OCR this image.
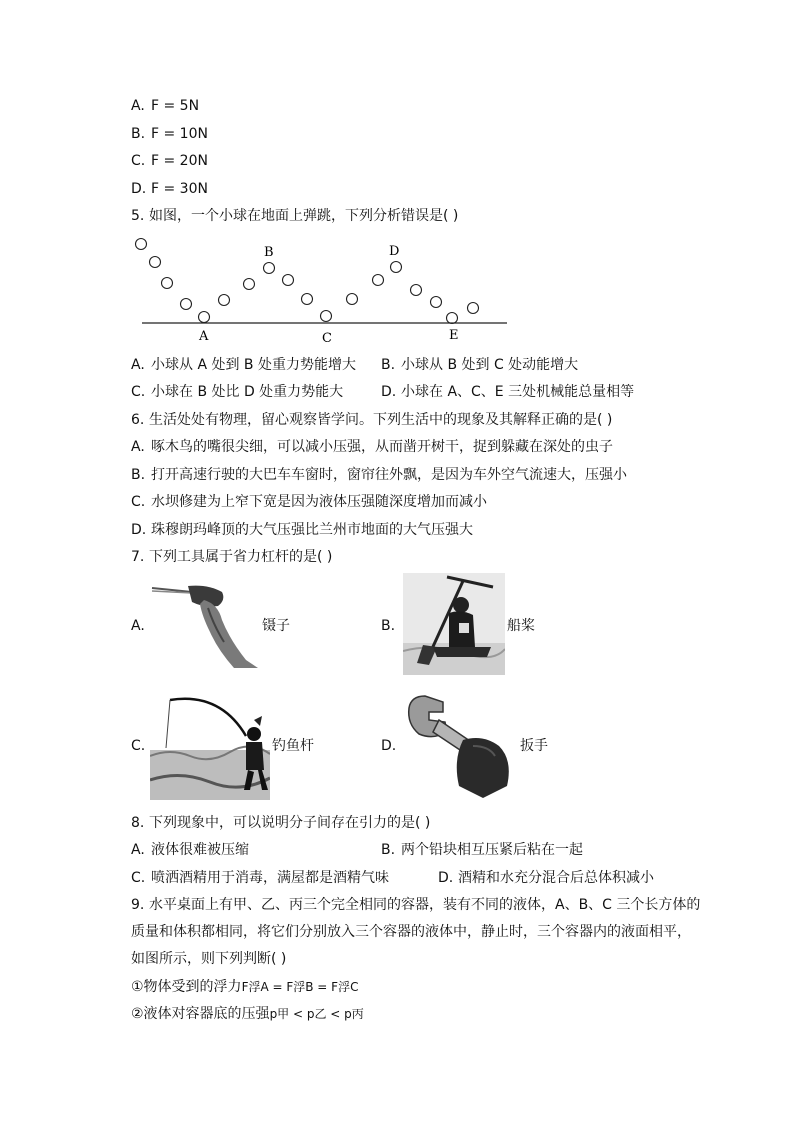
A. F = 5N
B. F = 10N
C. F = 20N
D. F = 30N
5. 如图，一个小球在地面上弹跳，下列分析错误是( )
A
B
C
D
E
A. 小球从 A 处到 B 处重力势能增大 B. 小球从 B 处到 C 处动能增大
C. 小球在 B 处比 D 处重力势能大	D. 小球在 A、C、E 三处机械能总量相等
6. 生活处处有物理，留心观察皆学问。下列生活中的现象及其解释正确的是( )
A. 啄木鸟的嘴很尖细，可以减小压强，从而凿开树干，捉到躲藏在深处的虫子
B. 打开高速行驶的大巴车车窗时，窗帘往外飘，是因为车外空气流速大，压强小
C. 水坝修建为上窄下宽是因为液体压强随深度增加而减小
D. 珠穆朗玛峰顶的大气压强比兰州市地面的大气压强大
7. 下列工具属于省力杠杆的是( )
A.	镊子	B.	船桨
C.	钓鱼杆	D.	扳手
8. 下列现象中，可以说明分子间存在引力的是( )
A. 液体很难被压缩	B. 两个铅块相互压紧后粘在一起
C. 喷洒酒精用于消毒，满屋都是酒精气味	D. 酒精和水充分混合后总体积减小
9. 水平桌面上有甲、乙、丙三个完全相同的容器，装有不同的液体，A、B、C 三个长方体的
质量和体积都相同，将它们分别放入三个容器的液体中，静止时，三个容器内的液面相平，
如图所示，则下列判断( )
①物体受到的浮力F浮A = F浮B = F浮C
②液体对容器底的压强p甲 < p乙 < p丙
